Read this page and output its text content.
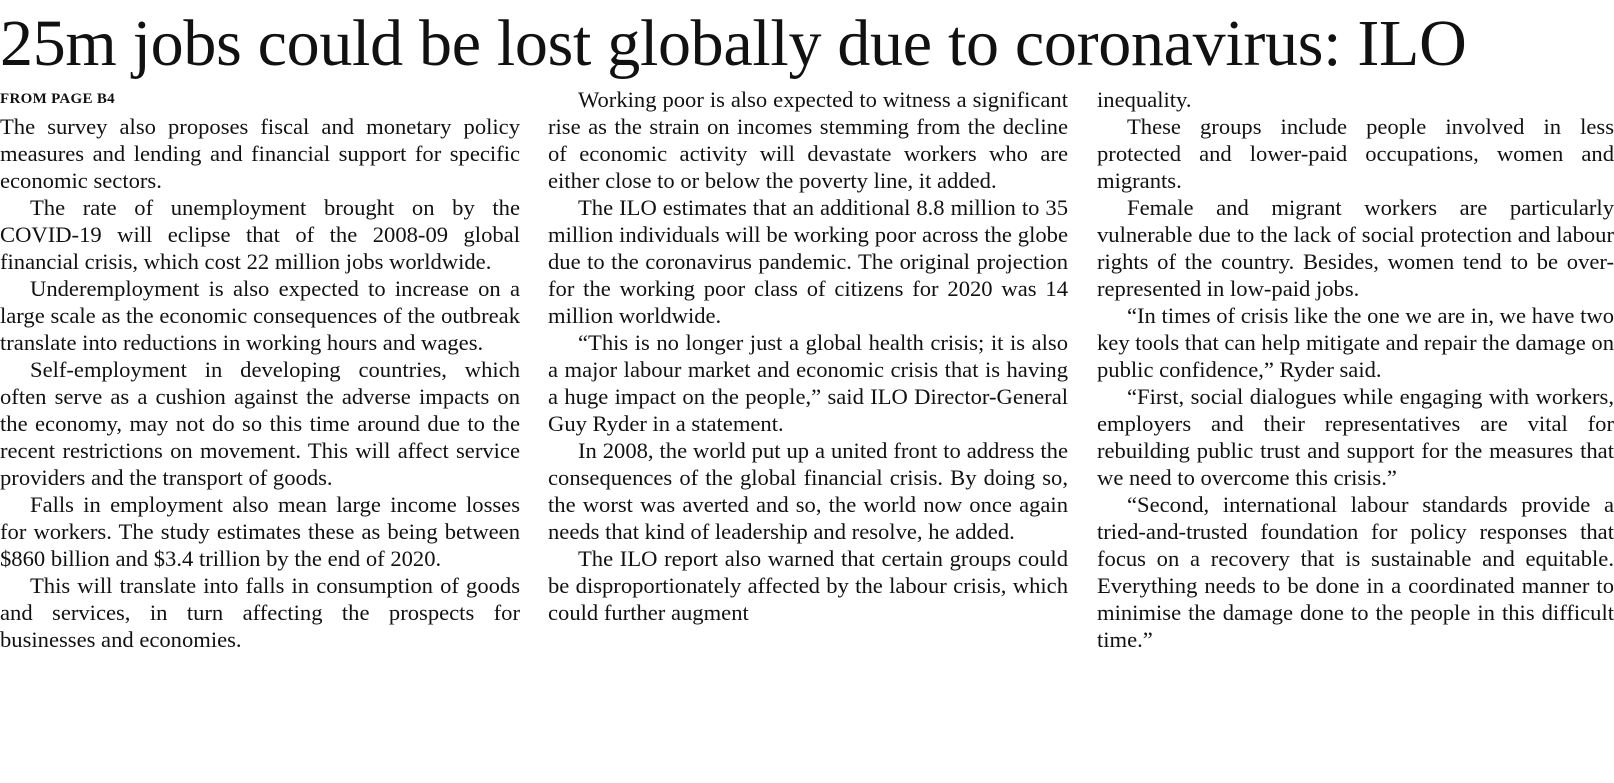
25m jobs could be lost globally due to coronavirus: ILO
FROM PAGE B4

The survey also proposes fiscal and monetary policy measures and lending and financial support for specific economic sectors.

The rate of unemployment brought on by the COVID-19 will eclipse that of the 2008-09 global financial crisis, which cost 22 million jobs worldwide.

Underemployment is also expected to increase on a large scale as the economic consequences of the outbreak translate into reductions in working hours and wages.

Self-employment in developing countries, which often serve as a cushion against the adverse impacts on the economy, may not do so this time around due to the recent restrictions on movement. This will affect service providers and the transport of goods.

Falls in employment also mean large income losses for workers. The study estimates these as being between $860 billion and $3.4 trillion by the end of 2020.

This will translate into falls in consumption of goods and services, in turn affecting the prospects for businesses and economies.

Working poor is also expected to witness a significant rise as the strain on incomes stemming from the decline of economic activity will devastate workers who are either close to or below the poverty line, it added.

The ILO estimates that an additional 8.8 million to 35 million individuals will be working poor across the globe due to the coronavirus pandemic. The original projection for the working poor class of citizens for 2020 was 14 million worldwide.

“This is no longer just a global health crisis; it is also a major labour market and economic crisis that is having a huge impact on the people,” said ILO Director-General Guy Ryder in a statement.

In 2008, the world put up a united front to address the consequences of the global financial crisis. By doing so, the worst was averted and so, the world now once again needs that kind of leadership and resolve, he added.

The ILO report also warned that certain groups could be disproportionately affected by the labour crisis, which could further augment

inequality.

These groups include people involved in less protected and lower-paid occupations, women and migrants.

Female and migrant workers are particularly vulnerable due to the lack of social protection and labour rights of the country. Besides, women tend to be over-represented in low-paid jobs.

“In times of crisis like the one we are in, we have two key tools that can help mitigate and repair the damage on public confidence,” Ryder said.

“First, social dialogues while engaging with workers, employers and their representatives are vital for rebuilding public trust and support for the measures that we need to overcome this crisis.”

“Second, international labour standards provide a tried-and-trusted foundation for policy responses that focus on a recovery that is sustainable and equitable. Everything needs to be done in a coordinated manner to minimise the damage done to the people in this difficult time.”
